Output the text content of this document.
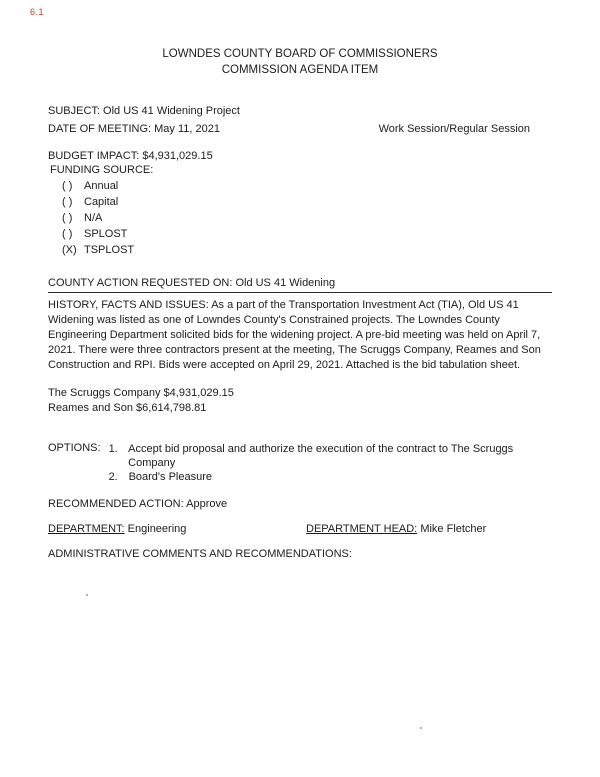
6.1
LOWNDES COUNTY BOARD OF COMMISSIONERS
COMMISSION AGENDA ITEM
SUBJECT: Old US 41 Widening Project
DATE OF MEETING: May 11, 2021	Work Session/Regular Session
BUDGET IMPACT: $4,931,029.15
FUNDING SOURCE:
( )	Annual
( )	Capital
( )	N/A
( )	SPLOST
(X) TSPLOST
COUNTY ACTION REQUESTED ON: Old US 41 Widening
HISTORY, FACTS AND ISSUES: As a part of the Transportation Investment Act (TIA), Old US 41 Widening was listed as one of Lowndes County's Constrained projects. The Lowndes County Engineering Department solicited bids for the widening project. A pre-bid meeting was held on April 7, 2021. There were three contractors present at the meeting, The Scruggs Company, Reames and Son Construction and RPI. Bids were accepted on April 29, 2021. Attached is the bid tabulation sheet.
The Scruggs Company $4,931,029.15
Reames and Son $6,614,798.81
OPTIONS: 1. Accept bid proposal and authorize the execution of the contract to The Scruggs Company
2. Board's Pleasure
RECOMMENDED ACTION: Approve
DEPARTMENT: Engineering	DEPARTMENT HEAD: Mike Fletcher
ADMINISTRATIVE COMMENTS AND RECOMMENDATIONS:
